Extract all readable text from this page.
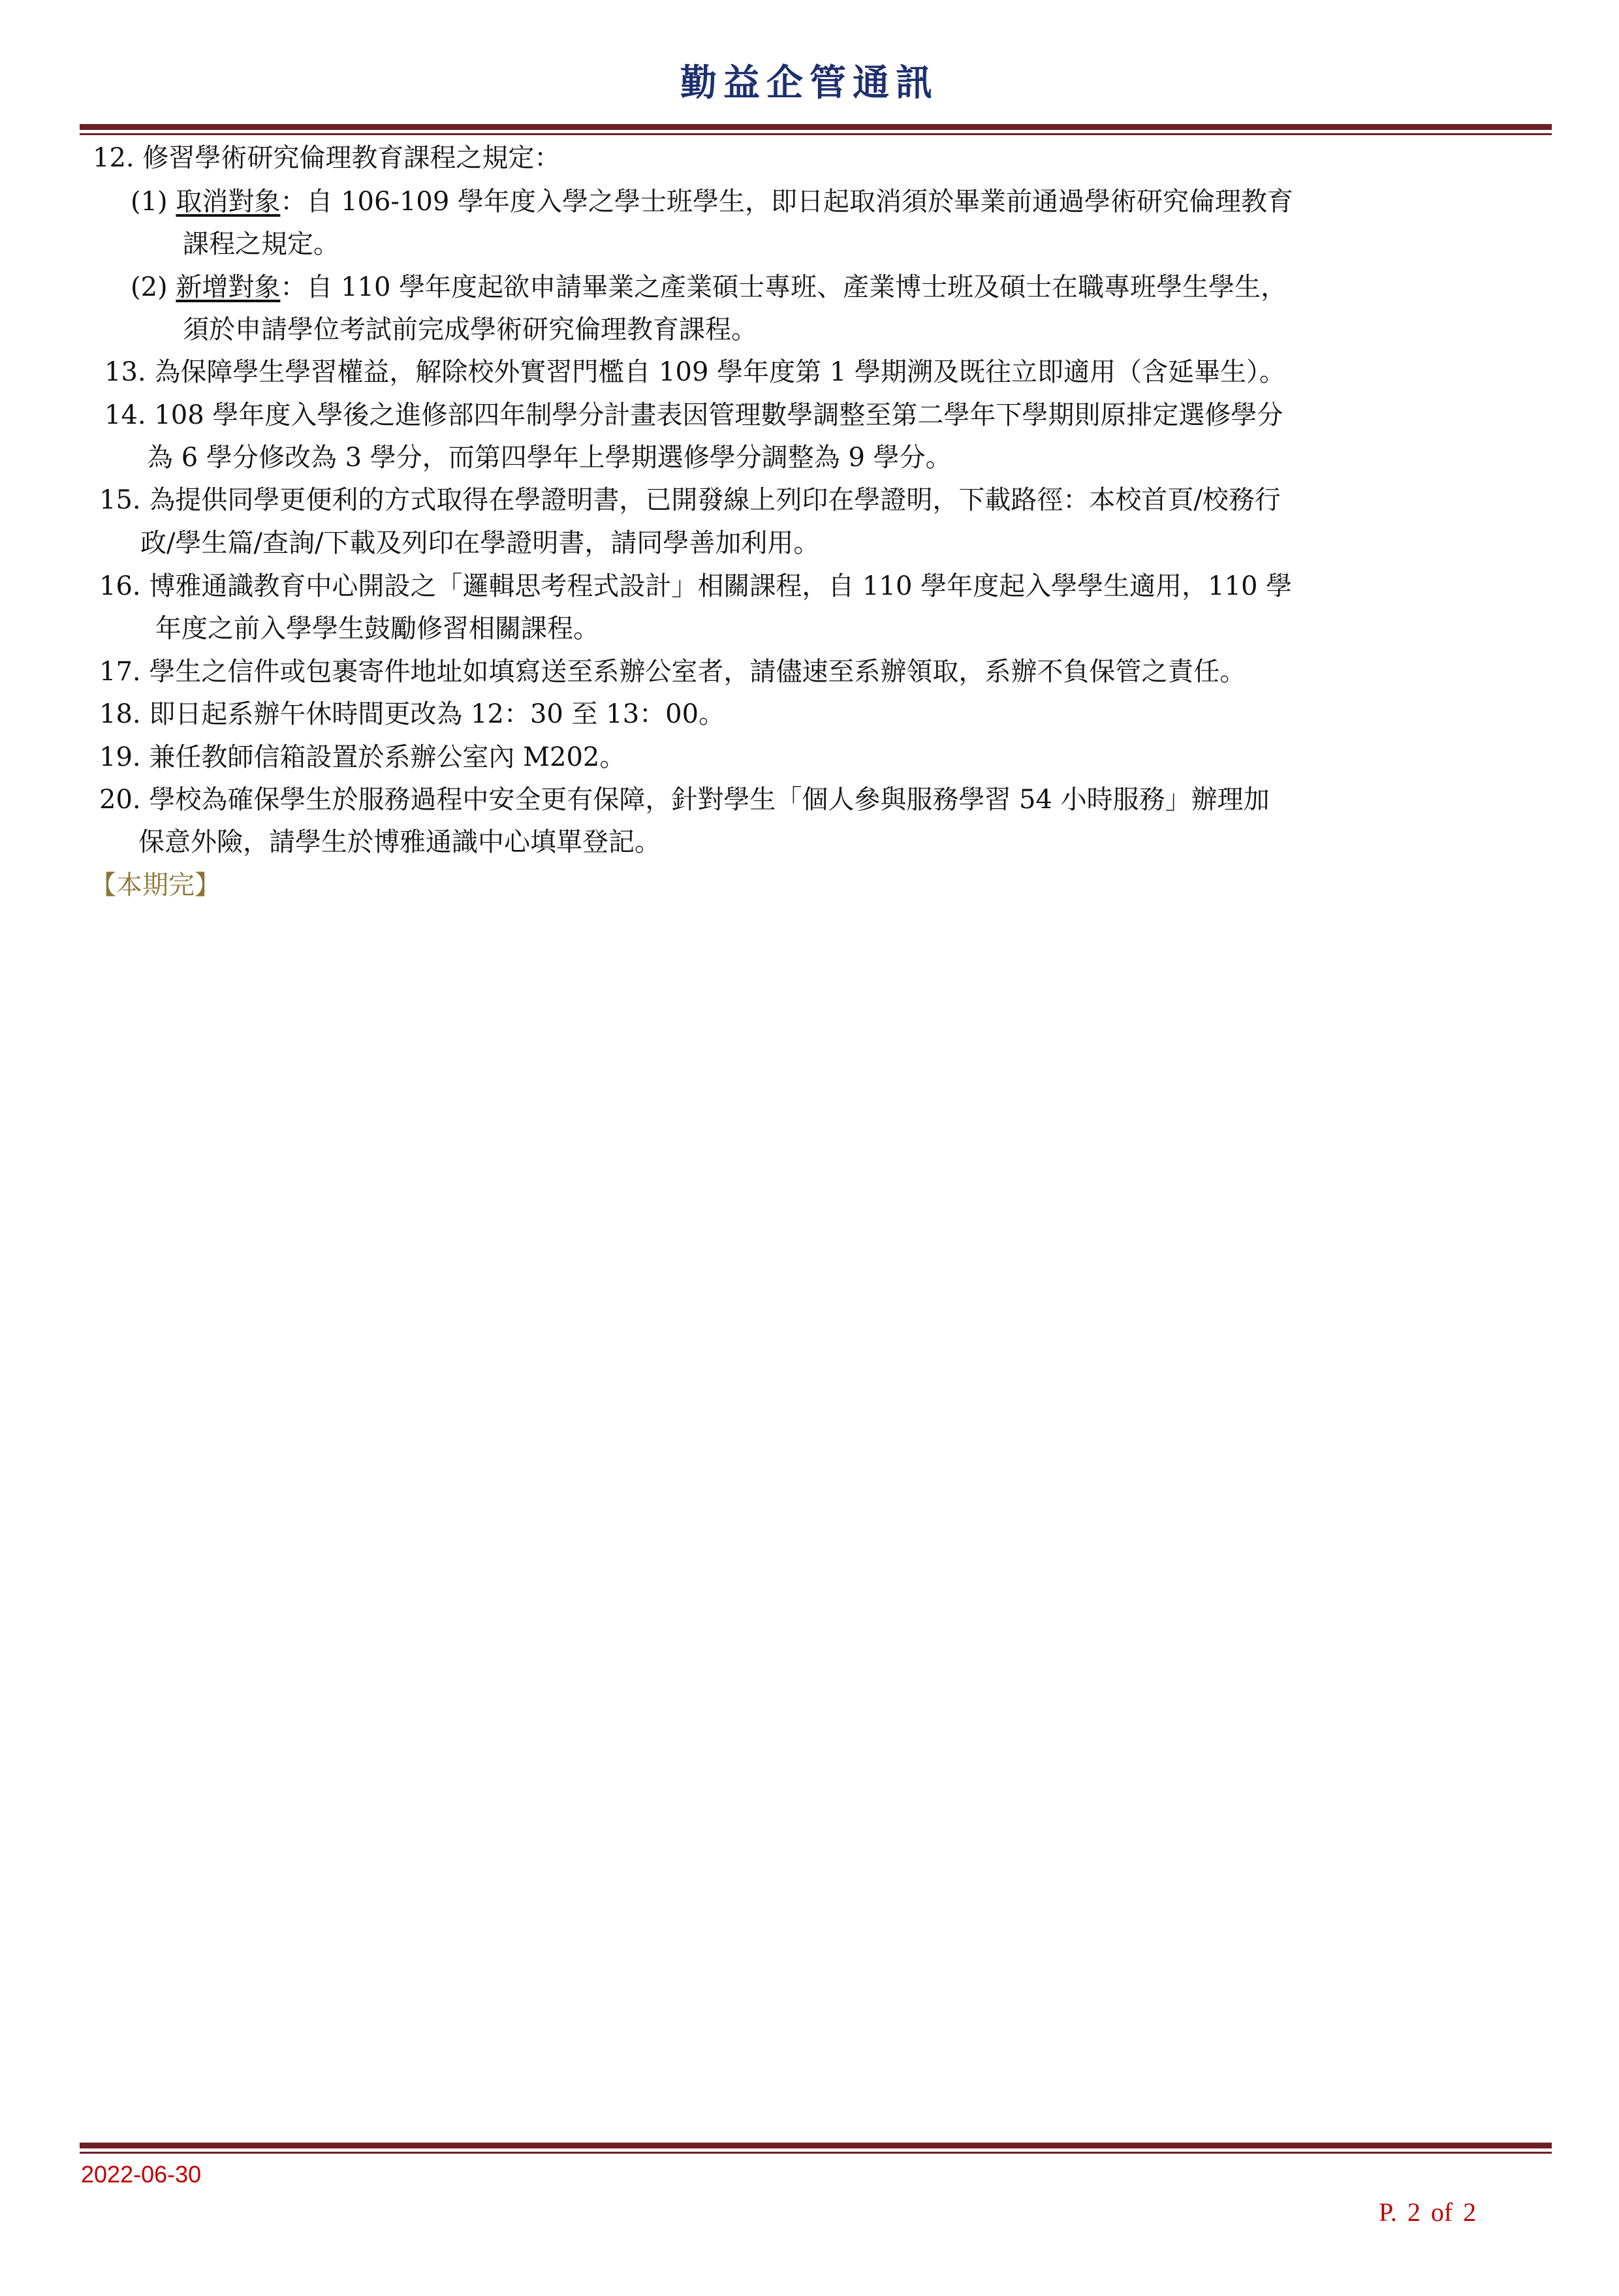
勤益企管通訊
12. 修習學術研究倫理教育課程之規定：
(1) 取消對象：自 106-109 學年度入學之學士班學生，即日起取消須於畢業前通過學術研究倫理教育
課程之規定。
(2) 新增對象：自 110 學年度起欲申請畢業之產業碩士專班、產業博士班及碩士在職專班學生學生，
須於申請學位考試前完成學術研究倫理教育課程。
13. 為保障學生學習權益，解除校外實習門檻自 109 學年度第 1 學期溯及既往立即適用（含延畢生）。
14. 108 學年度入學後之進修部四年制學分計畫表因管理數學調整至第二學年下學期則原排定選修學分
為 6 學分修改為 3 學分，而第四學年上學期選修學分調整為 9 學分。
15. 為提供同學更便利的方式取得在學證明書，已開發線上列印在學證明，下載路徑：本校首頁/校務行
政/學生篇/查詢/下載及列印在學證明書，請同學善加利用。
16. 博雅通識教育中心開設之「邏輯思考程式設計」相關課程，自 110 學年度起入學學生適用，110 學
年度之前入學學生鼓勵修習相關課程。
17. 學生之信件或包裹寄件地址如填寫送至系辦公室者，請儘速至系辦領取，系辦不負保管之責任。
18. 即日起系辦午休時間更改為 12：30 至 13：00。
19. 兼任教師信箱設置於系辦公室內 M202。
20. 學校為確保學生於服務過程中安全更有保障，針對學生「個人參與服務學習 54 小時服務」辦理加
保意外險，請學生於博雅通識中心填單登記。
【本期完】
2022-06-30
P. 2 of 2
